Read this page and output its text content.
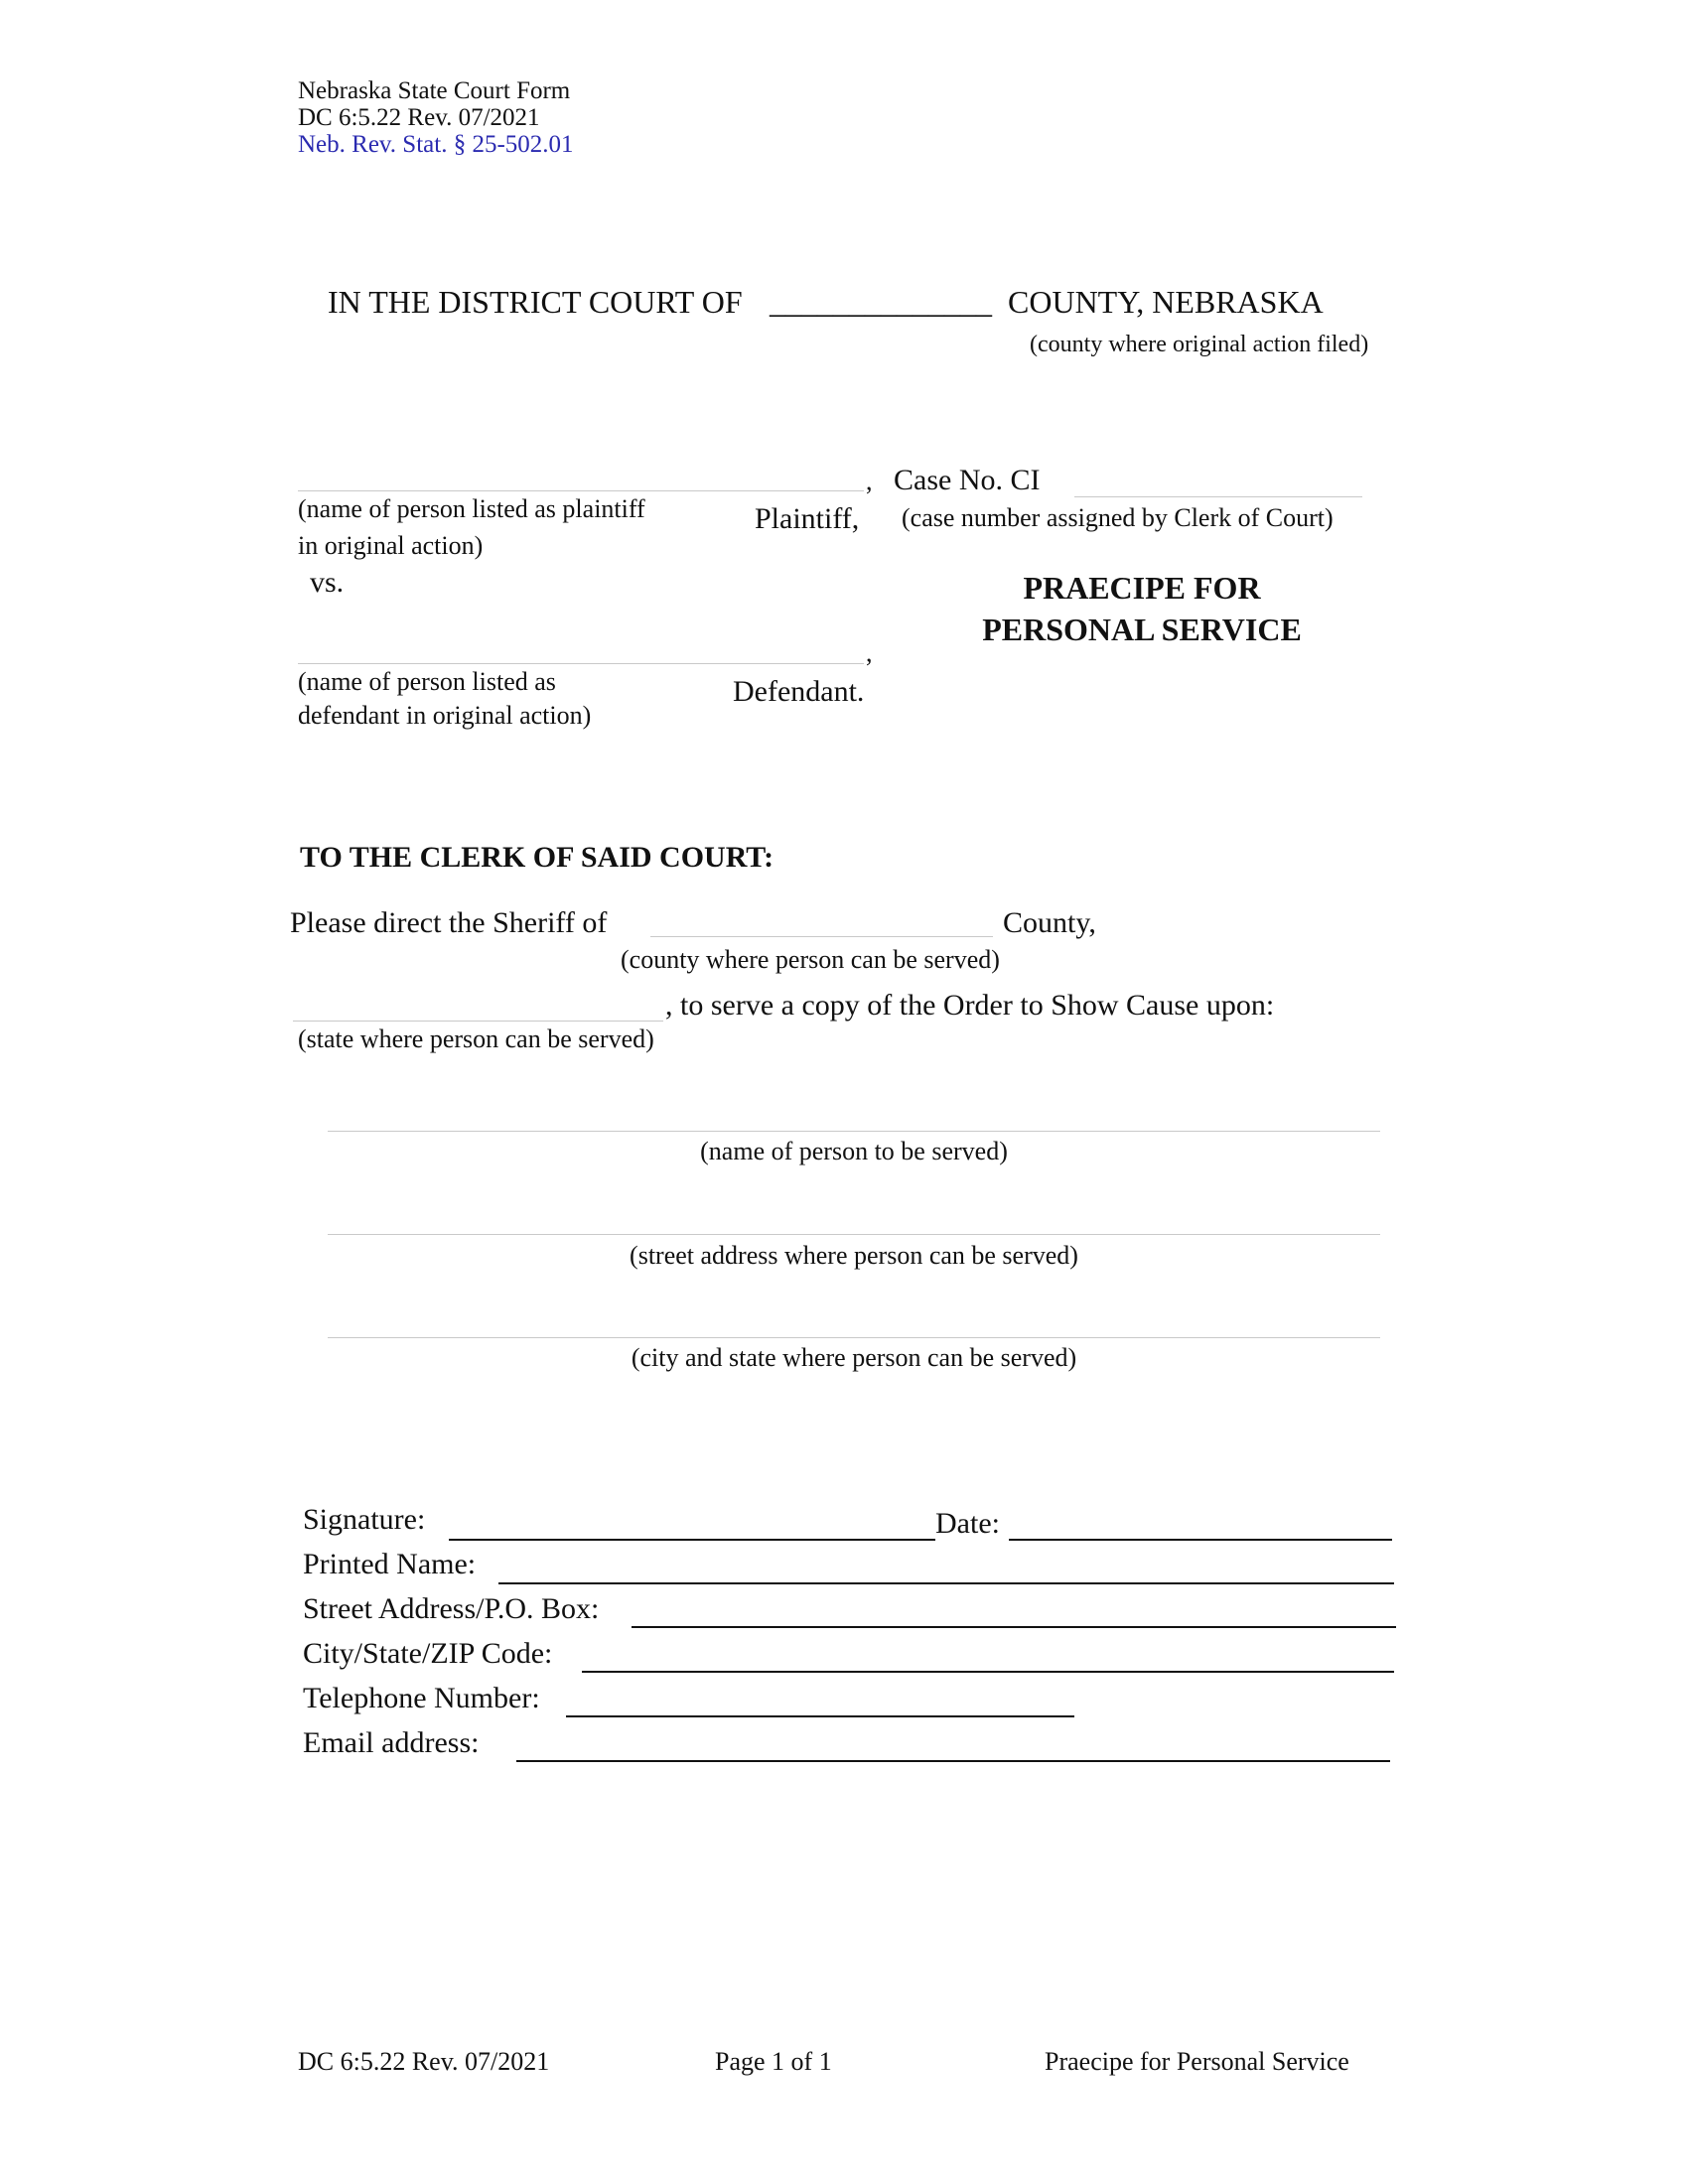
Nebraska State Court Form
DC 6:5.22 Rev. 07/2021
Neb. Rev. Stat. § 25-502.01
IN THE DISTRICT COURT OF ______________ COUNTY, NEBRASKA
(county where original action filed)
,
(name of person listed as plaintiff
in original action)
Plaintiff,
vs.
,
(name of person listed as
defendant in original action)
Defendant.
Case No. CI
(case number assigned by Clerk of Court)
PRAECIPE FOR
PERSONAL SERVICE
TO THE CLERK OF SAID COURT:
Please direct the Sheriff of	County,
(county where person can be served)
, to serve a copy of the Order to Show Cause upon:
(state where person can be served)
(name of person to be served)
(street address where person can be served)
(city and state where person can be served)
Signature:	Date:
Printed Name:
Street Address/P.O. Box:
City/State/ZIP Code:
Telephone Number:
Email address:
DC 6:5.22 Rev. 07/2021	Page 1 of 1	Praecipe for Personal Service
